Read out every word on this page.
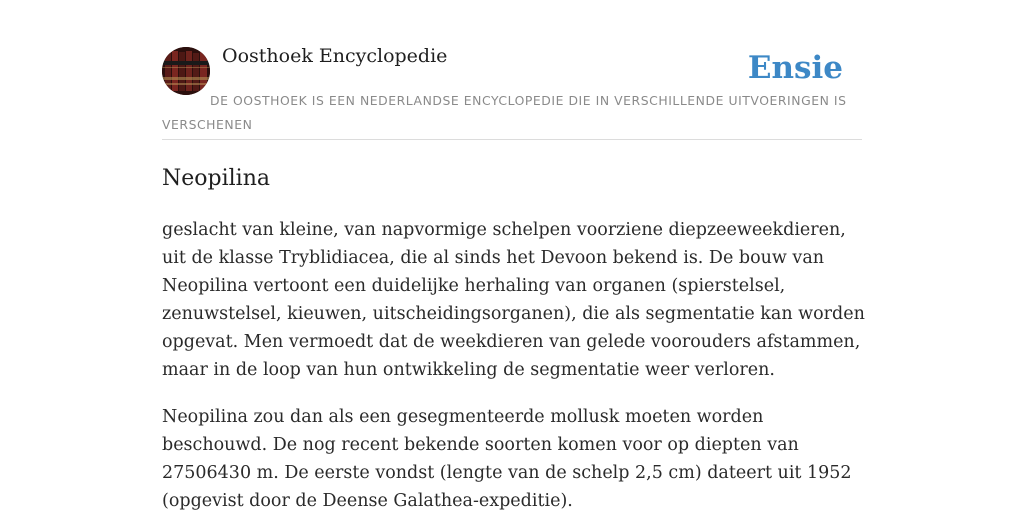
Oosthoek Encyclopedie	Ensie
DE OOSTHOEK IS EEN NEDERLANDSE ENCYCLOPEDIE DIE IN VERSCHILLENDE UITVOERINGEN IS VERSCHENEN
Neopilina

geslacht van kleine, van napvormige schelpen voorziene diepzeeweekdieren, uit de klasse Tryblidiacea, die al sinds het Devoon bekend is. De bouw van Neopilina vertoont een duidelijke herhaling van organen (spierstelsel, zenuwstelsel, kieuwen, uitscheidingsorganen), die als segmentatie kan worden opgevat. Men vermoedt dat de weekdieren van gelede voorouders afstammen, maar in de loop van hun ontwikkeling de segmentatie weer verloren.

Neopilina zou dan als een gesegmenteerde mollusk moeten worden beschouwd. De nog recent bekende soorten komen voor op diepten van 27506430 m. De eerste vondst (lengte van de schelp 2,5 cm) dateert uit 1952 (opgevist door de Deense Galathea-expeditie).
